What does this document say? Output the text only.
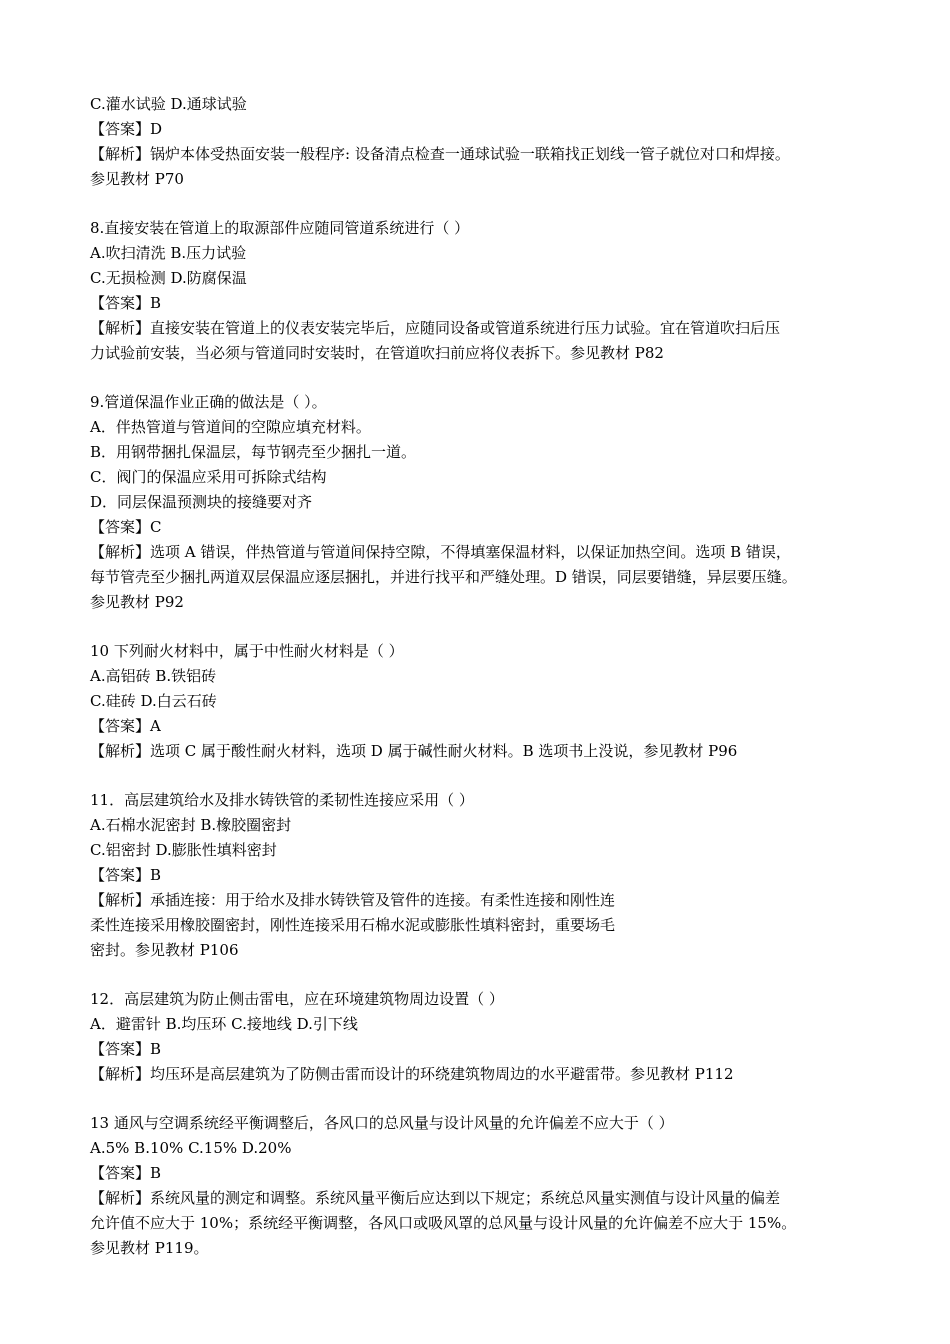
C.灌水试验 D.通球试验
【答案】D
【解析】锅炉本体受热面安装一般程序: 设备清点检查一通球试验一联箱找正划线一管子就位对口和焊接。
参见教材 P70
8.直接安装在管道上的取源部件应随同管道系统进行（ ）
A.吹扫清洗 B.压力试验
C.无损检测 D.防腐保温
【答案】B
【解析】直接安装在管道上的仪表安装完毕后，应随同设备或管道系统进行压力试验。宜在管道吹扫后压
力试验前安装，当必须与管道同时安装时，在管道吹扫前应将仪表拆下。参见教材 P82
9.管道保温作业正确的做法是（ ）。
A．伴热管道与管道间的空隙应填充材料。
B．用钢带捆扎保温层，每节钢壳至少捆扎一道。
C．阀门的保温应采用可拆除式结构
D．同层保温预测块的接缝要对齐
【答案】C
【解析】选项 A 错误，伴热管道与管道间保持空隙，不得填塞保温材料，以保证加热空间。选项 B 错误，
每节管壳至少捆扎两道双层保温应逐层捆扎，并进行找平和严缝处理。D 错误，同层要错缝，异层要压缝。
参见教材 P92
10 下列耐火材料中，属于中性耐火材料是（ ）
A.高铝砖 B.铁铝砖
C.硅砖 D.白云石砖
【答案】A
【解析】选项 C 属于酸性耐火材料，选项 D 属于碱性耐火材料。B 选项书上没说，参见教材 P96
11．高层建筑给水及排水铸铁管的柔韧性连接应采用（ ）
A.石棉水泥密封 B.橡胶圈密封
C.铝密封 D.膨胀性填料密封
【答案】B
【解析】承插连接：用于给水及排水铸铁管及管件的连接。有柔性连接和刚性连
柔性连接采用橡胶圈密封，刚性连接采用石棉水泥或膨胀性填料密封，重要场毛
密封。参见教材 P106
12．高层建筑为防止侧击雷电，应在环境建筑物周边设置（ ）
A．避雷针 B.均压环 C.接地线 D.引下线
【答案】B
【解析】均压环是高层建筑为了防侧击雷而设计的环绕建筑物周边的水平避雷带。参见教材 P112
13 通风与空调系统经平衡调整后，各风口的总风量与设计风量的允许偏差不应大于（ ）
A.5% B.10% C.15% D.20%
【答案】B
【解析】系统风量的测定和调整。系统风量平衡后应达到以下规定；系统总风量实测值与设计风量的偏差
允许值不应大于 10%；系统经平衡调整，各风口或吸风罩的总风量与设计风量的允许偏差不应大于 15%。
参见教材 P119。
